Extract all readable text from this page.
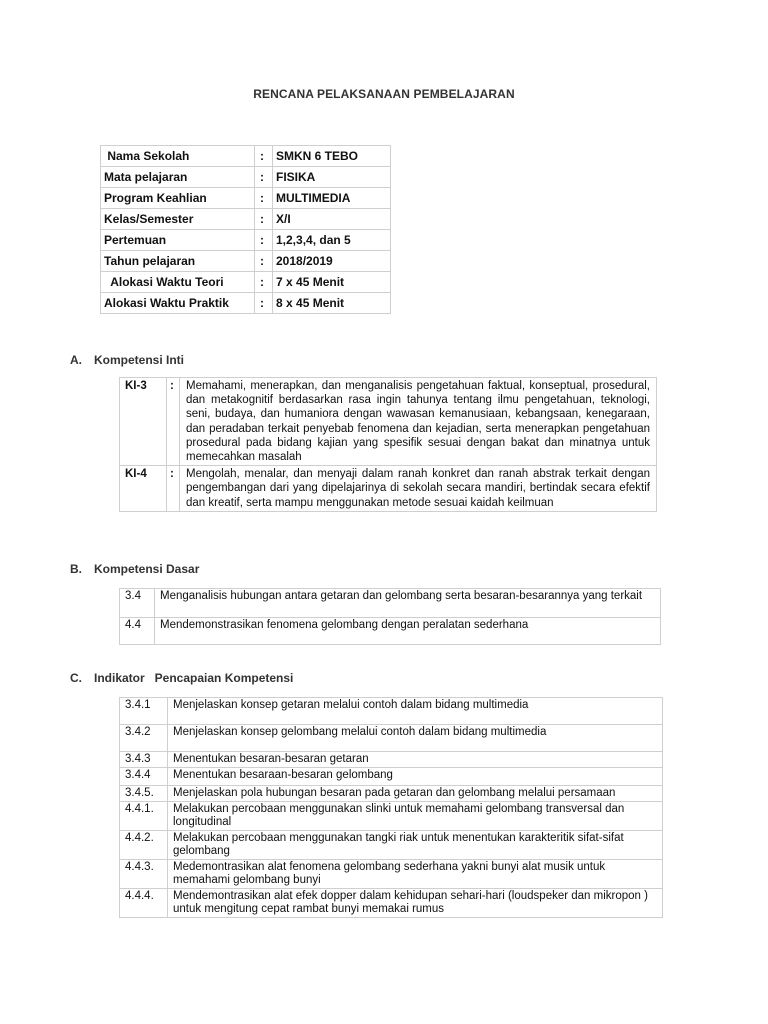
RENCANA PELAKSANAAN PEMBELAJARAN
Nama Sekolah	:	SMKN 6 TEBO
Mata pelajaran	:	FISIKA
Program Keahlian	:	MULTIMEDIA
Kelas/Semester	:	X/I
Pertemuan	:	1,2,3,4, dan 5
Tahun pelajaran	:	2018/2019
Alokasi Waktu Teori	:	7 x 45 Menit
Alokasi Waktu Praktik	:	8 x 45 Menit
A. Kompetensi Inti
KI-3	:	Memahami, menerapkan, dan menganalisis pengetahuan faktual, konseptual, prosedural, dan metakognitif berdasarkan rasa ingin tahunya tentang ilmu pengetahuan, teknologi, seni, budaya, dan humaniora dengan wawasan kemanusiaan, kebangsaan, kenegaraan, dan peradaban terkait penyebab fenomena dan kejadian, serta menerapkan pengetahuan prosedural pada bidang kajian yang spesifik sesuai dengan bakat dan minatnya untuk memecahkan masalah
KI-4	:	Mengolah, menalar, dan menyaji dalam ranah konkret dan ranah abstrak terkait dengan pengembangan dari yang dipelajarinya di sekolah secara mandiri, bertindak secara efektif dan kreatif, serta mampu menggunakan metode sesuai kaidah keilmuan
B. Kompetensi Dasar
3.4	Menganalisis hubungan antara getaran dan gelombang serta besaran-besarannya yang terkait
4.4	Mendemonstrasikan fenomena gelombang dengan peralatan sederhana
C. Indikator   Pencapaian Kompetensi
3.4.1	Menjelaskan konsep getaran melalui contoh dalam bidang multimedia
3.4.2	Menjelaskan konsep gelombang melalui contoh dalam bidang multimedia
3.4.3	Menentukan besaran-besaran getaran
3.4.4	Menentukan besaraan-besaran gelombang
3.4.5.	Menjelaskan pola hubungan besaran pada getaran dan gelombang melalui persamaan
4.4.1.	Melakukan percobaan menggunakan slinki untuk memahami gelombang transversal dan longitudinal
4.4.2.	Melakukan percobaan menggunakan tangki riak untuk menentukan karakteritik sifat-sifat gelombang
4.4.3.	Medemontrasikan alat fenomena gelombang sederhana yakni bunyi alat musik untuk memahami gelombang bunyi
4.4.4.	Mendemontrasikan alat efek dopper dalam kehidupan sehari-hari (loudspeker dan mikropon ) untuk mengitung cepat rambat bunyi memakai rumus
